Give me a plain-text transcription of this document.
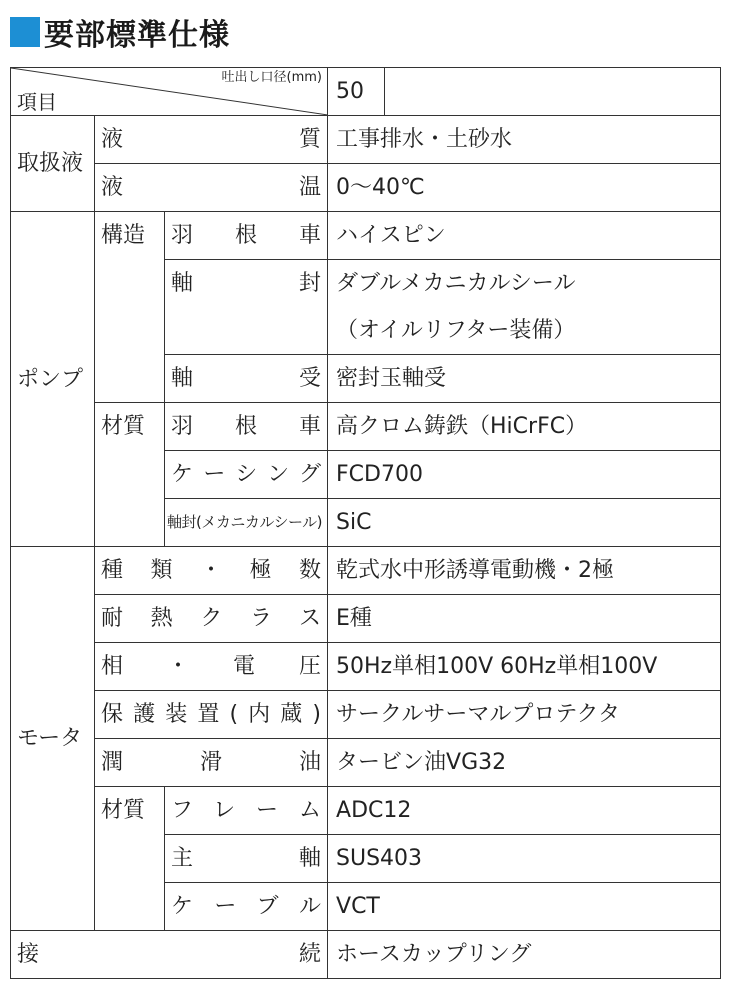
要部標準仕様
吐出し口径(mm)
項目			50	
取扱液	液　　　質		工事排水・土砂水	
	液　　　温		0～40℃	
ポンプ	構造	羽　根　車	ハイスピン	
		軸　　　封	ダブルメカニカルシール	
			（オイルリフター装備）	
		軸　　　受	密封玉軸受	
	材質	羽　根　車	高クロム鋳鉄（HiCrFC）	
		ケーシング	FCD700	
		軸封(メカニカルシール)	SiC	
モータ	種類・極数		乾式水中形誘導電動機・2極	
	耐熱クラス		E種	
	相・電圧		50Hz単相100V 60Hz単相100V	
	保護装置(内蔵)		サークルサーマルプロテクタ	
	潤　滑　油		タービン油VG32	
	材質	フレーム	ADC12	
		主　　　軸	SUS403	
		ケーブル	VCT	
接　　　　　　　　続			ホースカップリング	
